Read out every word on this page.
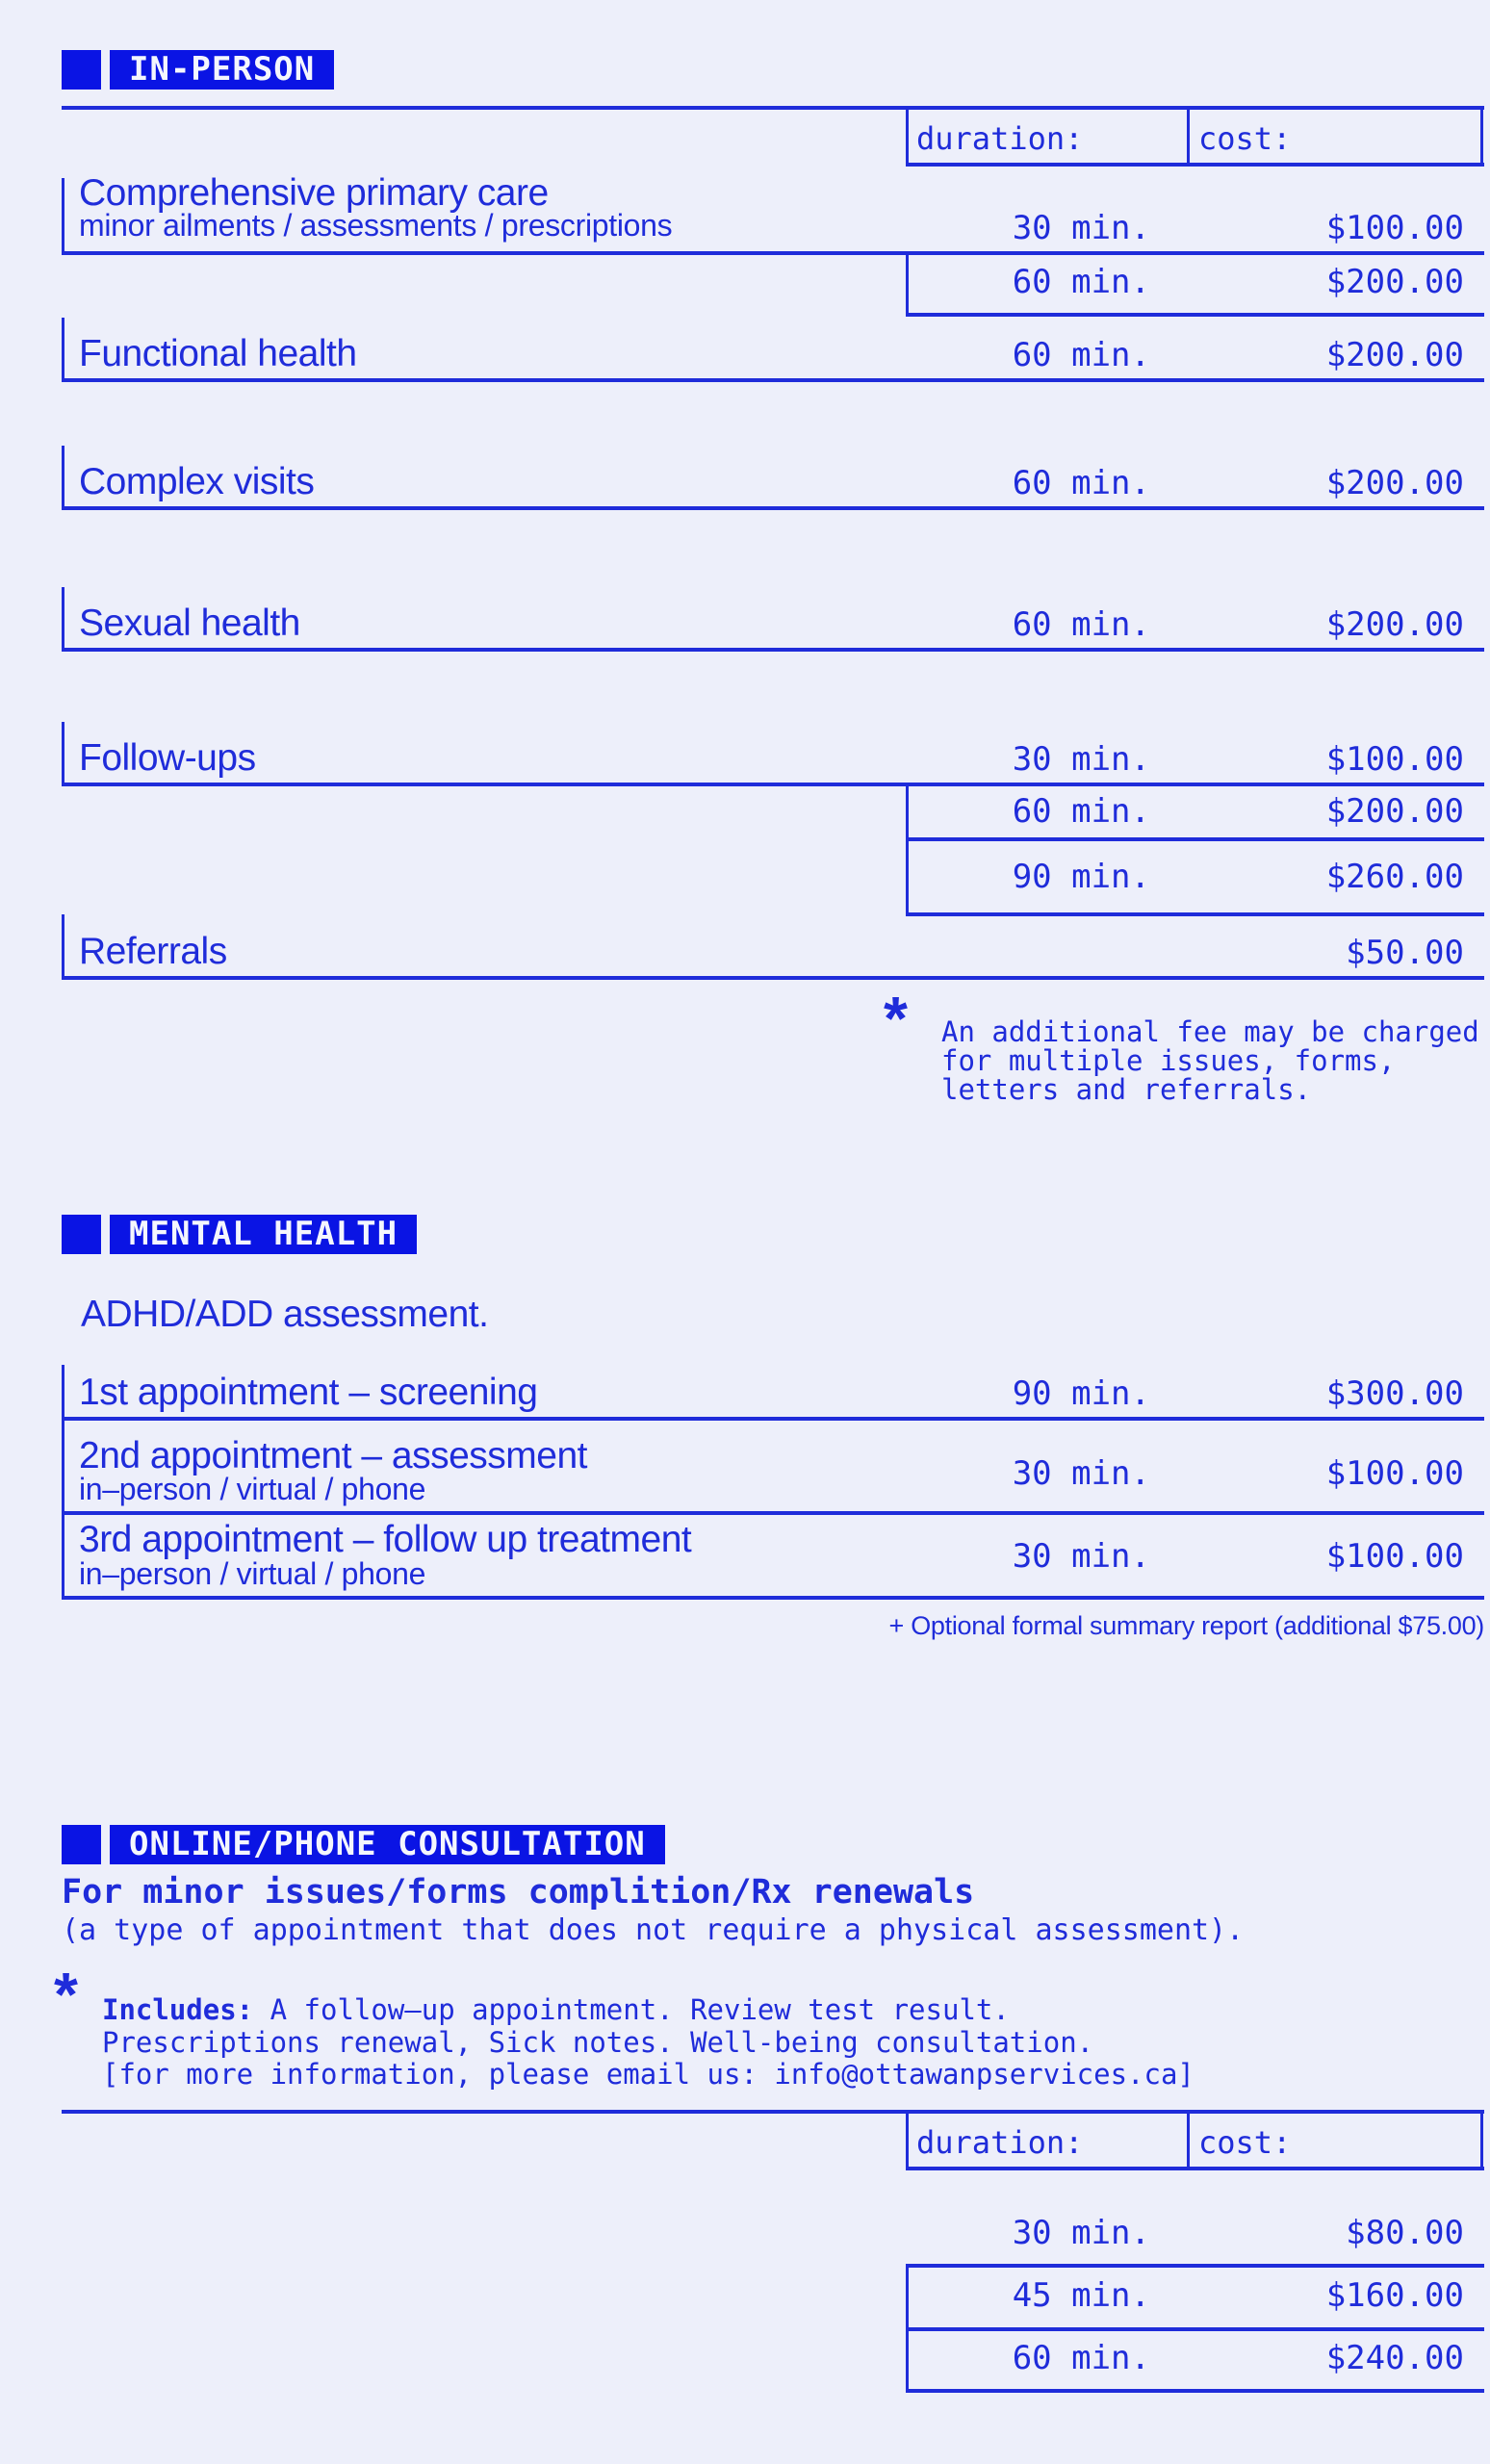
IN-PERSON
duration:	cost:
Comprehensive primary care
minor ailments / assessments / prescriptions	30 min.	$100.00
60 min.	$200.00
Functional health	60 min.	$200.00
Complex visits	60 min.	$200.00
Sexual health	60 min.	$200.00
Follow-ups	30 min.	$100.00
60 min.	$200.00
90 min.	$260.00
Referrals	$50.00
* An additional fee may be charged
for multiple issues, forms,
letters and referrals.
MENTAL HEALTH
ADHD/ADD assessment.
1st appointment – screening	90 min.	$300.00
2nd appointment – assessment
in–person / virtual / phone	30 min.	$100.00
3rd appointment – follow up treatment
in–person / virtual / phone	30 min.	$100.00
+ Optional formal summary report (additional $75.00)
ONLINE/PHONE CONSULTATION
For minor issues/forms complition/Rx renewals
(a type of appointment that does not require a physical assessment).
* Includes: A follow–up appointment. Review test result.
Prescriptions renewal, Sick notes. Well-being consultation.
[for more information, please email us: info@ottawanpservices.ca]
duration:	cost:
30 min.	$80.00
45 min.	$160.00
60 min.	$240.00
